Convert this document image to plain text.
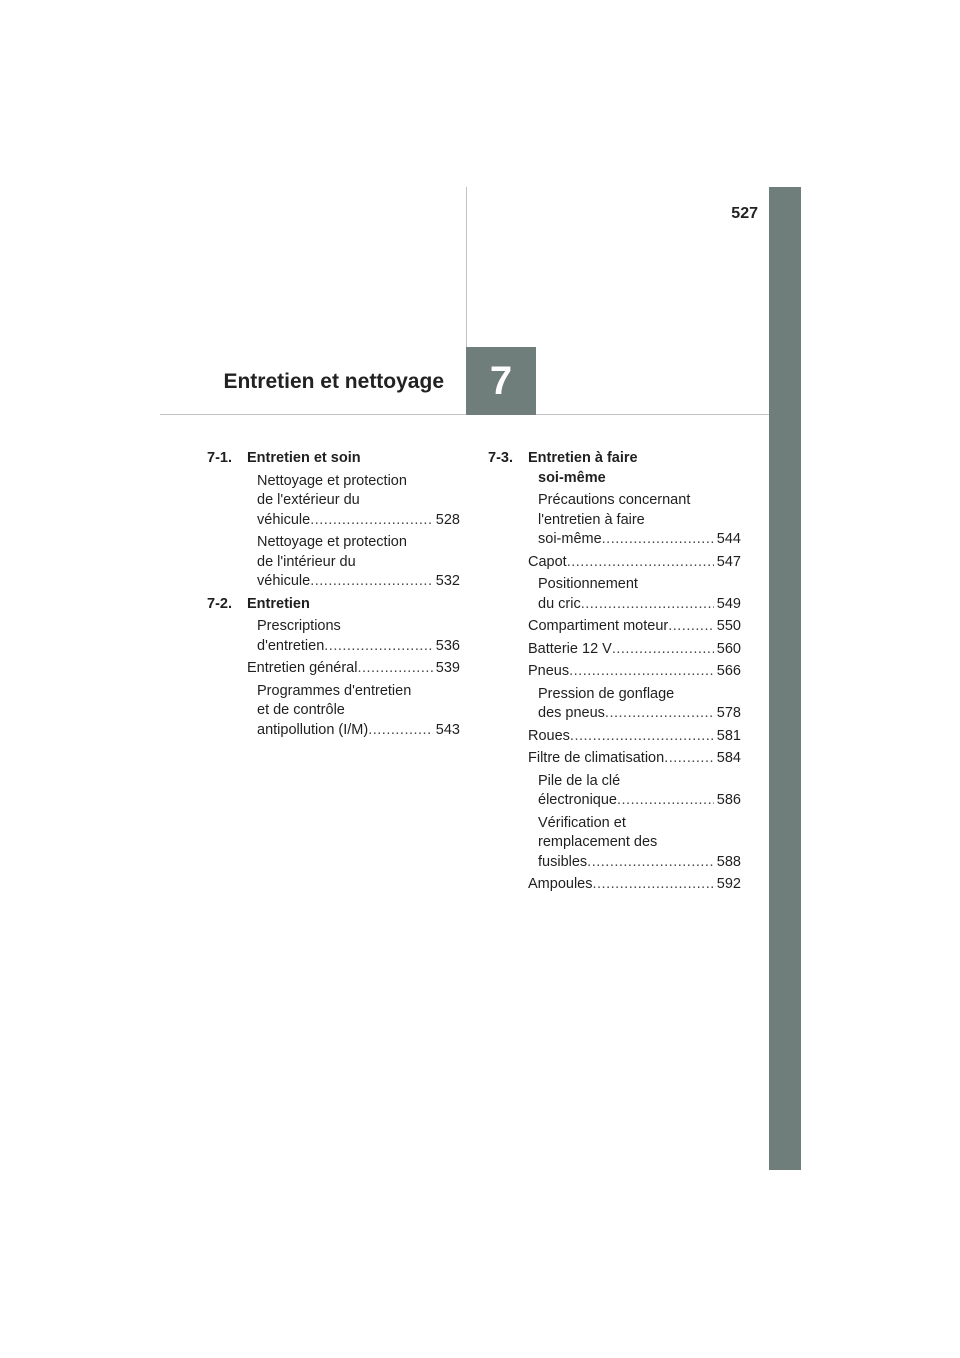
527
Entretien et nettoyage 7
7-1.	Entretien et soin
Nettoyage et protection
de l'extérieur du
véhicule .....	528
Nettoyage et protection
de l'intérieur du
véhicule .....	532
7-2.	Entretien
Prescriptions
d'entretien .....	536
Entretien général .....	539
Programmes d'entretien
et de contrôle
antipollution (I/M) .....	543
7-3.	Entretien à faire
soi-même
Précautions concernant
l'entretien à faire
soi-même .....	544
Capot .....	547
Positionnement
du cric .....	549
Compartiment moteur .....	550
Batterie 12 V .....	560
Pneus .....	566
Pression de gonflage
des pneus .....	578
Roues .....	581
Filtre de climatisation .....	584
Pile de la clé
électronique .....	586
Vérification et
remplacement des
fusibles .....	588
Ampoules .....	592
